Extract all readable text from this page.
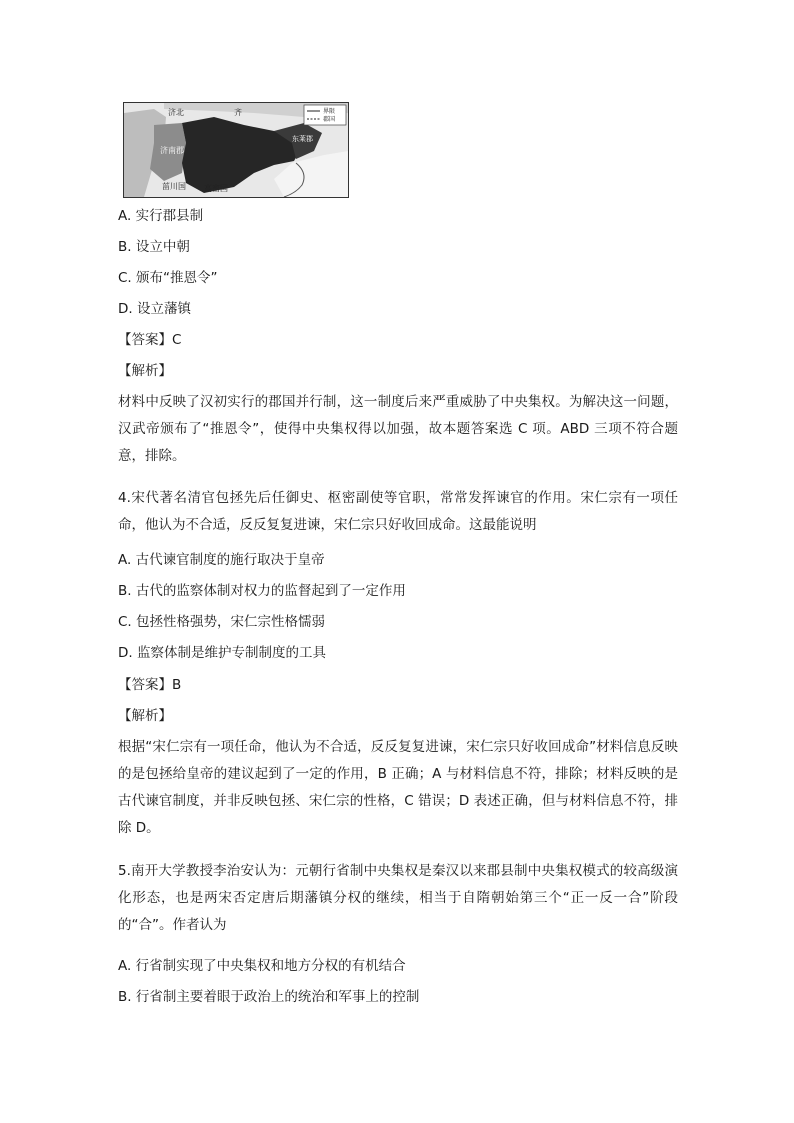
界限
郡国
济北	齐
济南郡
东莱郡
菑川国 高密国
A. 实行郡县制
B. 设立中朝
C. 颁布“推恩令”
D. 设立藩镇
【答案】C
【解析】
材料中反映了汉初实行的郡国并行制，这一制度后来严重威胁了中央集权。为解决这一问题，汉武帝颁布了“推恩令”，使得中央集权得以加强，故本题答案选 C 项。ABD 三项不符合题意，排除。
4.宋代著名清官包拯先后任御史、枢密副使等官职，常常发挥谏官的作用。宋仁宗有一项任命，他认为不合适，反反复复进谏，宋仁宗只好收回成命。这最能说明
A. 古代谏官制度的施行取决于皇帝
B. 古代的监察体制对权力的监督起到了一定作用
C. 包拯性格强势，宋仁宗性格懦弱
D. 监察体制是维护专制制度的工具
【答案】B
【解析】
根据“宋仁宗有一项任命，他认为不合适，反反复复进谏，宋仁宗只好收回成命”材料信息反映的是包拯给皇帝的建议起到了一定的作用，B 正确；A 与材料信息不符，排除；材料反映的是古代谏官制度，并非反映包拯、宋仁宗的性格，C 错误；D 表述正确，但与材料信息不符，排除 D。
5.南开大学教授李治安认为：元朝行省制中央集权是秦汉以来郡县制中央集权模式的较高级演化形态，也是两宋否定唐后期藩镇分权的继续，相当于自隋朝始第三个“正一反一合”阶段的“合”。作者认为
A. 行省制实现了中央集权和地方分权的有机结合
B. 行省制主要着眼于政治上的统治和军事上的控制
